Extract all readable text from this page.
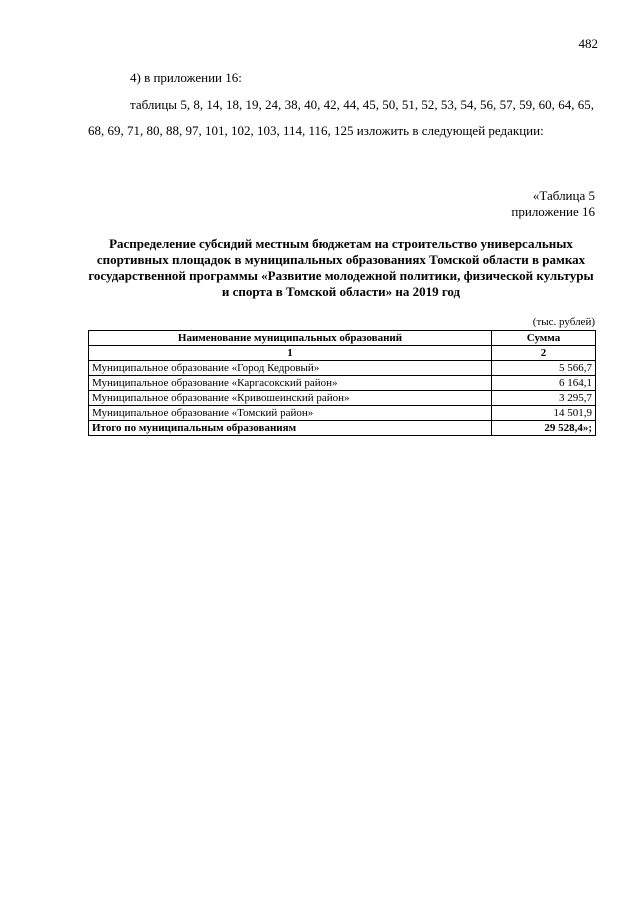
482
4) в приложении 16:

таблицы 5, 8, 14, 18, 19, 24, 38, 40, 42, 44, 45, 50, 51, 52, 53, 54, 56, 57, 59, 60, 64, 65, 68, 69, 71, 80, 88, 97, 101, 102, 103, 114, 116, 125 изложить в следующей редакции:

«Таблица 5
приложение 16

Распределение субсидий местным бюджетам на строительство универсальных спортивных площадок в муниципальных образованиях Томской области в рамках государственной программы «Развитие молодежной политики, физической культуры и спорта в Томской области» на 2019 год

(тыс. рублей)
Наименование муниципальных образований	Сумма
1	2
Муниципальное образование «Город Кедровый»	5 566,7
Муниципальное образование «Каргасокский район»	6 164,1
Муниципальное образование «Кривошеинский район»	3 295,7
Муниципальное образование «Томский район»	14 501,9
Итого по муниципальным образованиям	29 528,4»;
